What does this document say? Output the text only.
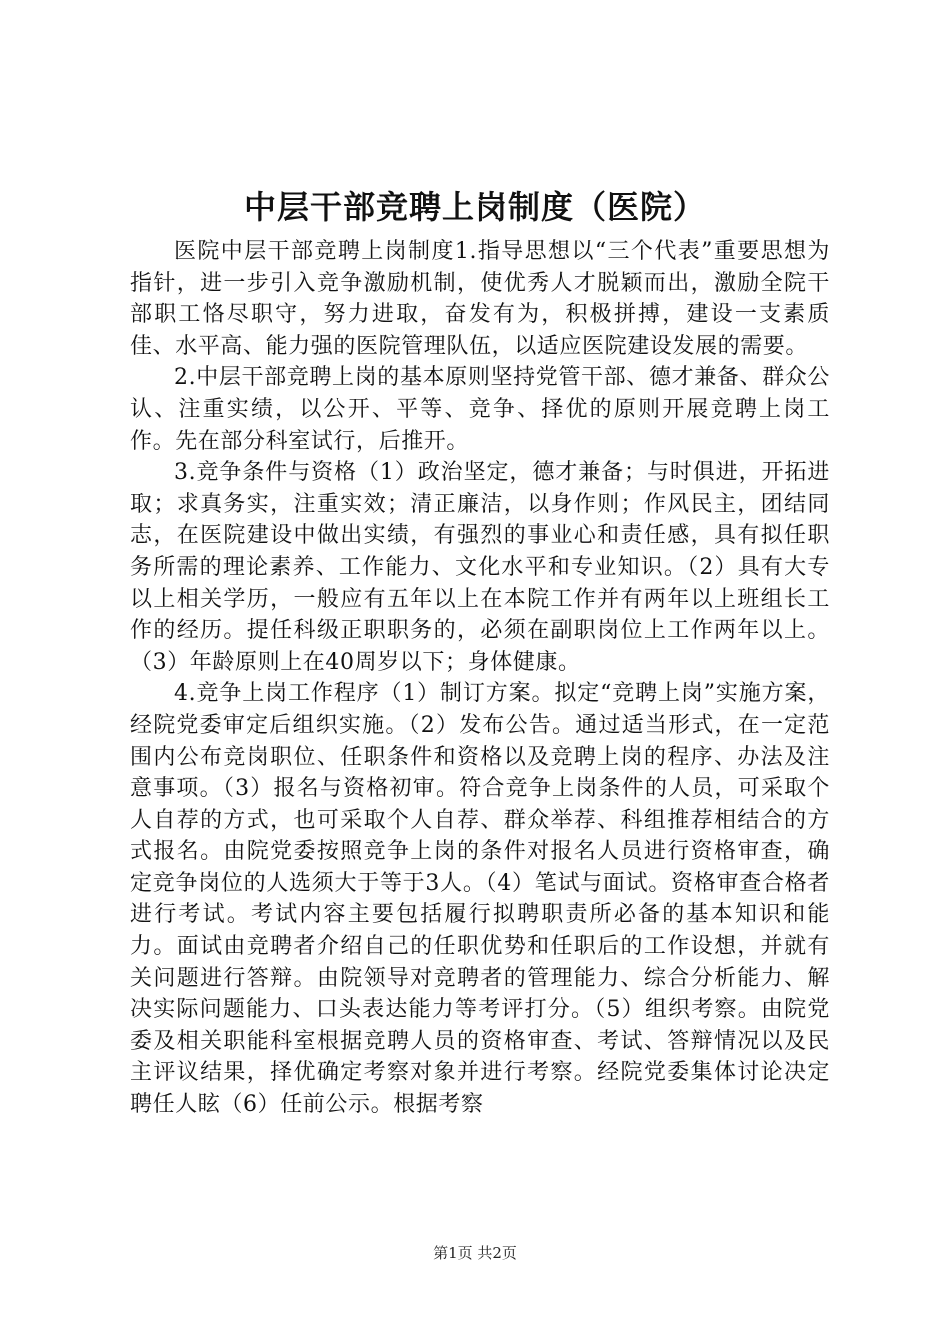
中层干部竞聘上岗制度（医院）

医院中层干部竞聘上岗制度1.指导思想以“三个代表”重要思想为指针，进一步引入竞争激励机制，使优秀人才脱颖而出，激励全院干部职工恪尽职守，努力进取，奋发有为，积极拼搏，建设一支素质佳、水平高、能力强的医院管理队伍，以适应医院建设发展的需要。

2.中层干部竞聘上岗的基本原则坚持党管干部、德才兼备、群众公认、注重实绩，以公开、平等、竞争、择优的原则开展竞聘上岗工作。先在部分科室试行，后推开。

3.竞争条件与资格（1）政治坚定，德才兼备；与时俱进，开拓进取；求真务实，注重实效；清正廉洁，以身作则；作风民主，团结同志，在医院建设中做出实绩，有强烈的事业心和责任感，具有拟任职务所需的理论素养、工作能力、文化水平和专业知识。（2）具有大专以上相关学历，一般应有五年以上在本院工作并有两年以上班组长工作的经历。提任科级正职职务的，必须在副职岗位上工作两年以上。（3）年龄原则上在40周岁以下；身体健康。

4.竞争上岗工作程序（1）制订方案。拟定“竞聘上岗”实施方案，经院党委审定后组织实施。（2）发布公告。通过适当形式，在一定范围内公布竞岗职位、任职条件和资格以及竞聘上岗的程序、办法及注意事项。（3）报名与资格初审。符合竞争上岗条件的人员，可采取个人自荐的方式，也可采取个人自荐、群众举荐、科组推荐相结合的方式报名。由院党委按照竞争上岗的条件对报名人员进行资格审查，确定竞争岗位的人选须大于等于3人。（4）笔试与面试。资格审查合格者进行考试。考试内容主要包括履行拟聘职责所必备的基本知识和能力。面试由竞聘者介绍自己的任职优势和任职后的工作设想，并就有关问题进行答辩。由院领导对竞聘者的管理能力、综合分析能力、解决实际问题能力、口头表达能力等考评打分。（5）组织考察。由院党委及相关职能科室根据竞聘人员的资格审查、考试、答辩情况以及民主评议结果，择优确定考察对象并进行考察。经院党委集体讨论决定聘任人眩（6）任前公示。根据考察

第1页 共2页
